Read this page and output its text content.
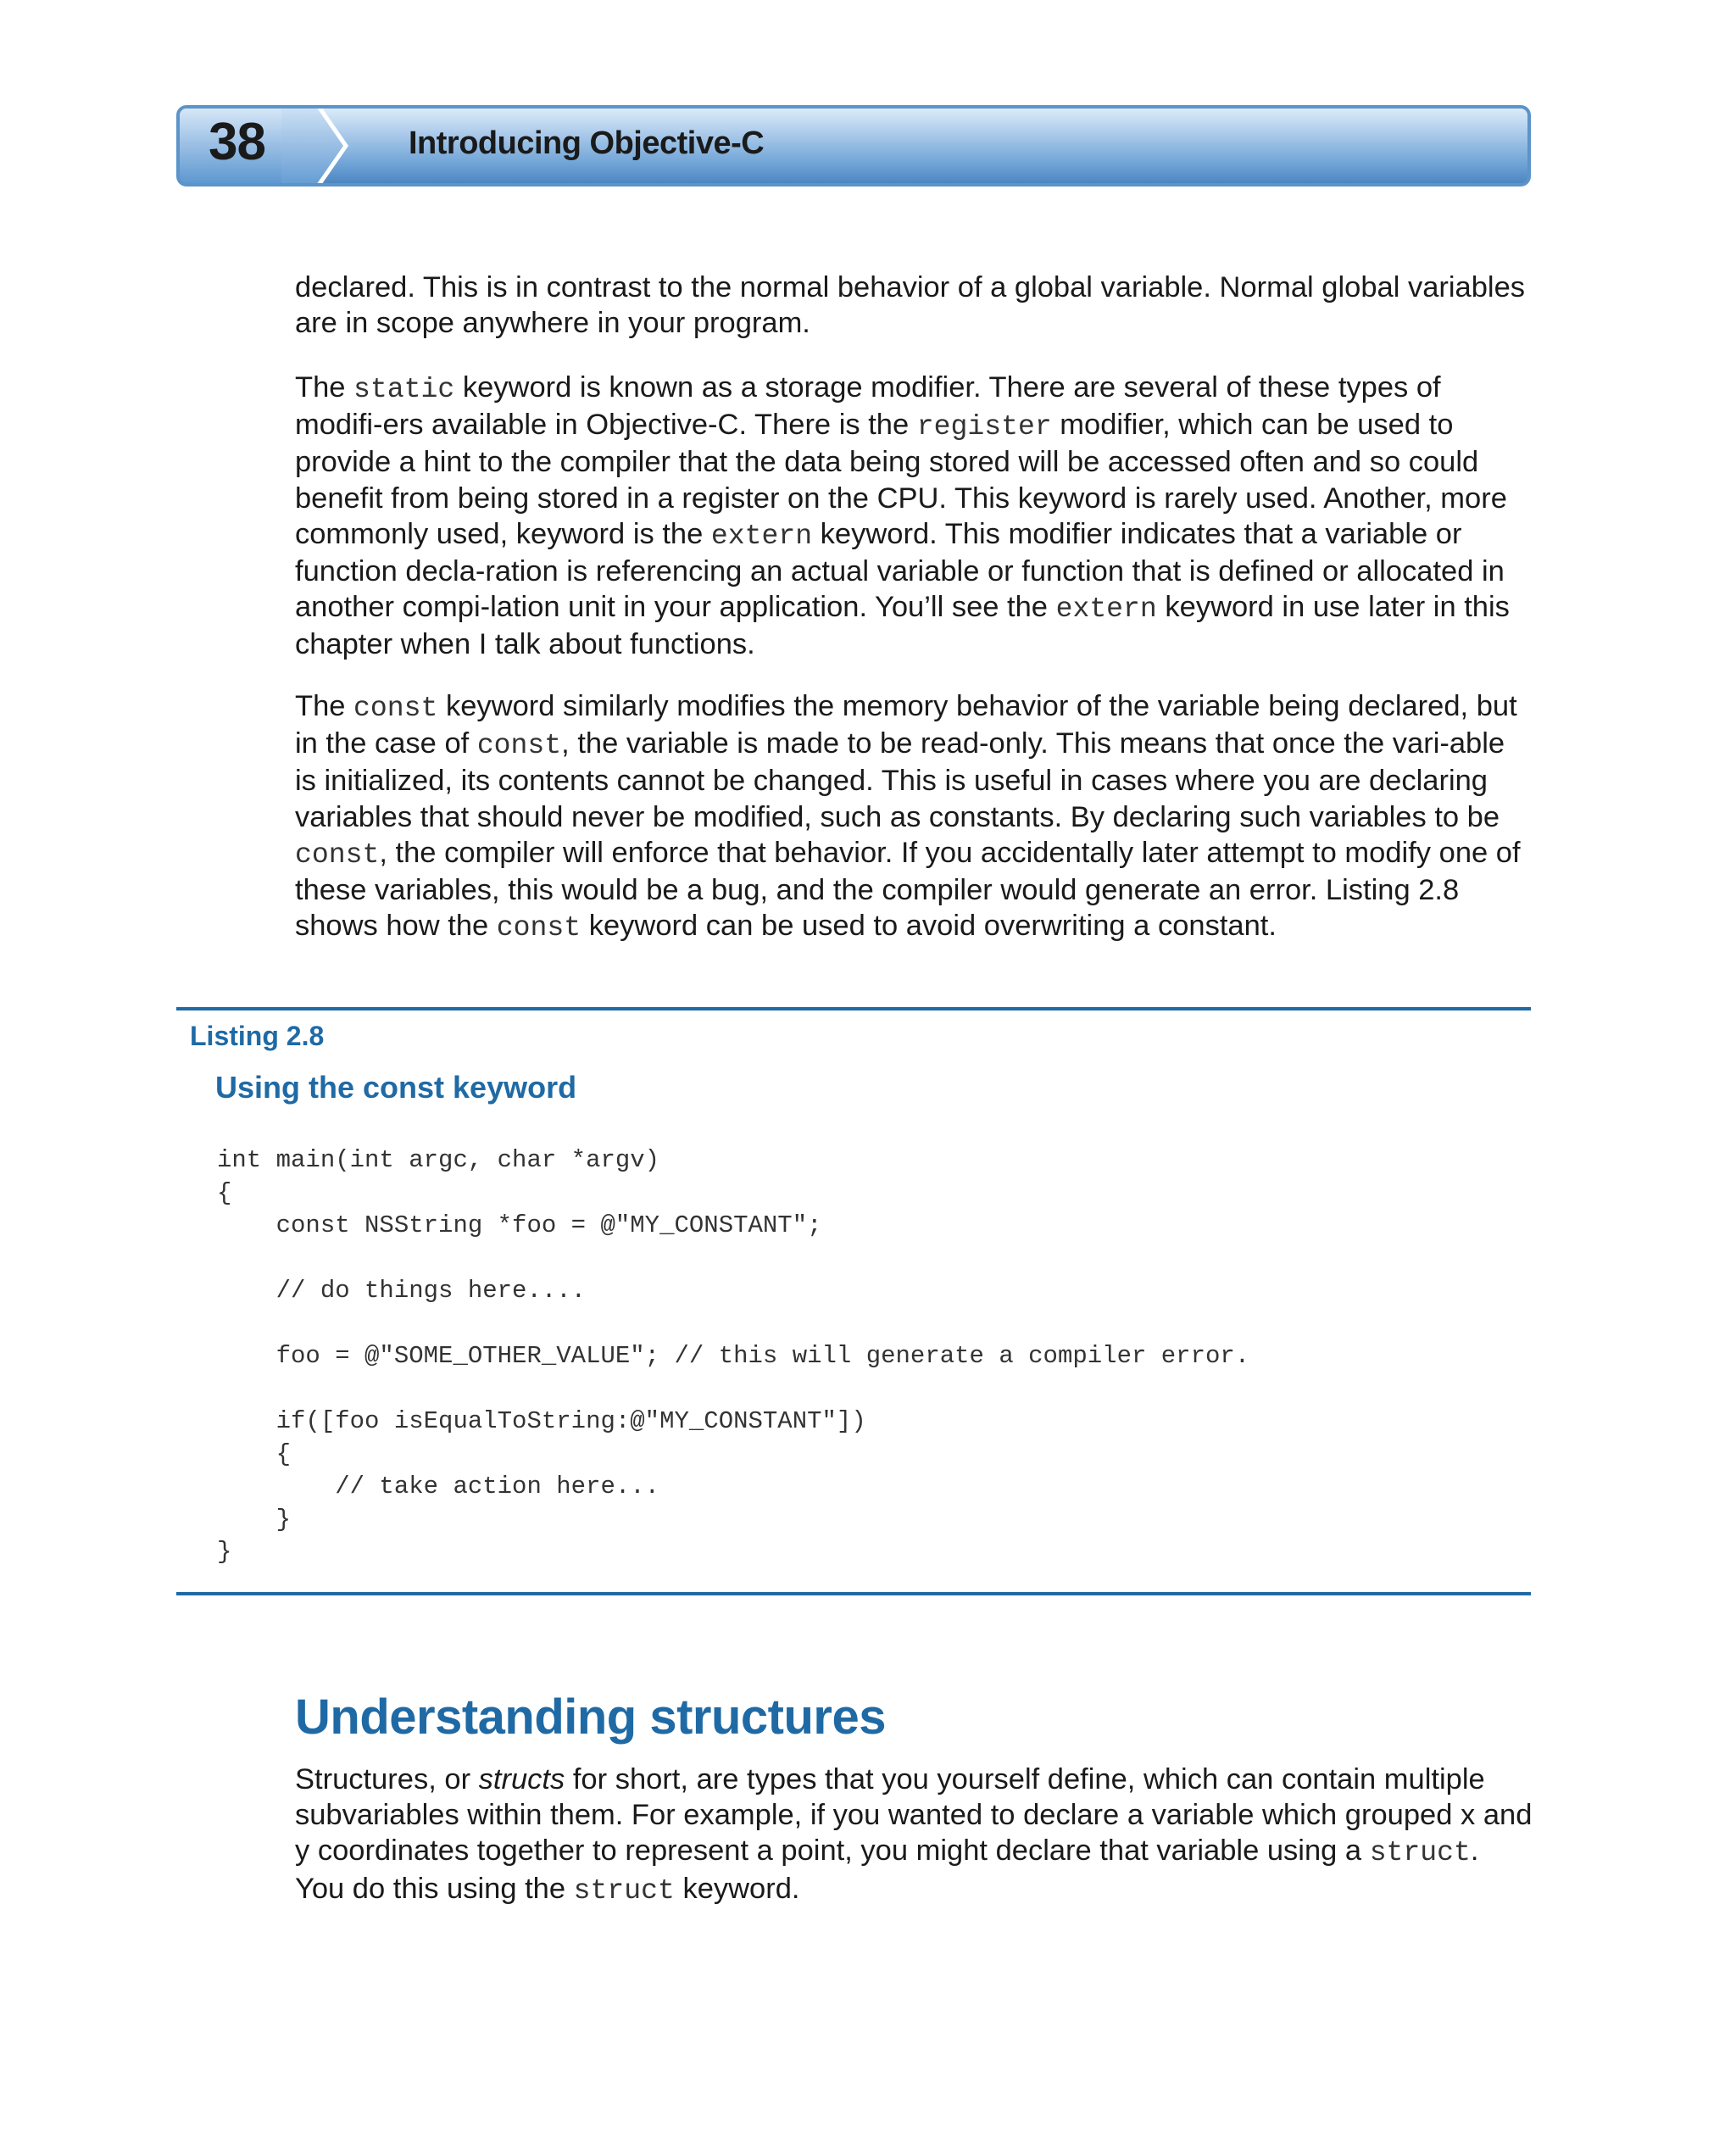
38	Introducing Objective-C

declared. This is in contrast to the normal behavior of a global variable. Normal global variables are in scope anywhere in your program.

The static keyword is known as a storage modifier. There are several of these types of modifi-ers available in Objective-C. There is the register modifier, which can be used to provide a hint to the compiler that the data being stored will be accessed often and so could benefit from being stored in a register on the CPU. This keyword is rarely used. Another, more commonly used, keyword is the extern keyword. This modifier indicates that a variable or function decla-ration is referencing an actual variable or function that is defined or allocated in another compi-lation unit in your application. You’ll see the extern keyword in use later in this chapter when I talk about functions.

The const keyword similarly modifies the memory behavior of the variable being declared, but in the case of const, the variable is made to be read-only. This means that once the vari-able is initialized, its contents cannot be changed. This is useful in cases where you are declaring variables that should never be modified, such as constants. By declaring such variables to be const, the compiler will enforce that behavior. If you accidentally later attempt to modify one of these variables, this would be a bug, and the compiler would generate an error. Listing 2.8 shows how the const keyword can be used to avoid overwriting a constant.

Listing 2.8
Using the const keyword
int main(int argc, char *argv)
{
const NSString *foo = @"MY_CONSTANT";

// do things here....

foo = @"SOME_OTHER_VALUE"; // this will generate a compiler error.

if([foo isEqualToString:@"MY_CONSTANT"])
{
// take action here...
}
}
Understanding structures

Structures, or structs for short, are types that you yourself define, which can contain multiple subvariables within them. For example, if you wanted to declare a variable which grouped x and y coordinates together to represent a point, you might declare that variable using a struct. You do this using the struct keyword.
